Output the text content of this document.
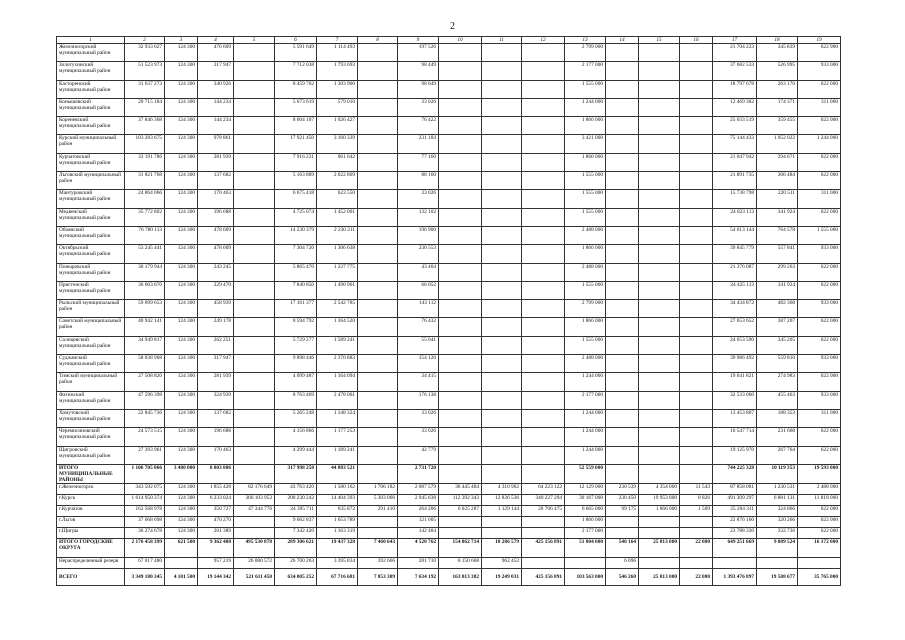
2
1	2	3	4	5	6	7	8	9	10	11	12	13	14	15	16	17	18	19
Железногорский муниципальный район	32 933 627	124 300	476 609		5 591 649	1 114 493		197 526				2 799 000				21 704 223	345 839	622 900
Золотухинский муниципальный район	51 523 973	124 300	317 947		7 712 038	1 793 693		98 449				2 177 000				37 682 533	526 995	933 000
Касторенский муниципальный район	31 637 273	124 300	340 926		8 459 702	1 303 900		98 649				1 555 000				18 797 678	263 170	622 000
Конышевский муниципальный район	20 715 184	124 300	144 234		5 673 619	579 010		33 026				1 244 000				12 469 382	174 371	311 000
Кореневский муниципальный район	37 846 368	124 300	144 234		8 604 107	1 026 427		76 422				1 866 000				25 033 519	359 455	622 000
Курский муниципальный район	103 283 675	124 300	978 861		17 921 450	3 160 339		231 184				3 421 000				75 144 433	1 052 022	1 244 000
Курчатовский муниципальный район	33 191 786	124 300	281 939		7 916 231	961 642		77 160				1 866 000				21 047 942	294 671	622 000
Льговский муниципальный район	31 821 768	124 300	137 682		5 163 889	2 022 809		88 160				1 555 000				21 891 735	306 484	622 000
Мантуровский муниципальный район	24 864 066	124 300	170 463		6 675 418	623 550		33 026				1 555 000				15 738 798	220 511	311 000
Медвенский муниципальный район	35 772 802	124 300	196 688		4 725 074	1 452 001		132 102				1 555 000				24 823 113	341 924	622 000
Обоянский муниципальный район	76 780 113	124 300	478 609		14 230 379	2 230 211		196 900				2 488 000				54 613 144	764 578	1 555 000
Октябрьский муниципальный район	53 245 441	124 300	478 609		7 304 720	1 306 638		230 553				1 866 000				39 845 779	557 841	933 000
Поныровский муниципальный район	30 179 944	124 300	243 245		5 865 470	1 237 775		43 404				2 488 000				21 376 087	299 263	622 000
Пристенский муниципальный район	36 603 670	124 300	229 470		7 840 850	1 490 961		66 052				1 555 000				24 425 113	341 924	622 000
Рыльский муниципальный район	59 099 653	124 300	458 939		17 161 377	2 542 785		143 112				2 799 000				34 434 872	482 368	933 000
Советский муниципальный район	40 942 141	124 300	249 178		8 594 792	1 364 520		76 432				1 866 000				27 653 652	387 207	622 000
Солнцевский муниципальный район	34 949 817	124 300	262 251		5 729 277	1 589 241		55 041				1 555 000				24 653 590	345 205	622 000
Суджанский муниципальный район	58 038 908	124 300	317 947		9 898 446	2 376 883		154 120				2 488 000				39 986 492	559 810	933 000
Тимский муниципальный район	27 508 820	124 300	281 939		4 099 487	1 164 094		34 415				1 244 000				19 641 821	274 983	622 000
Фатежский муниципальный район	47 596 398	124 300	324 939		8 763 469	2 478 061		176 138				2 177 000				32 533 060	455 463	933 000
Хомутовский муниципальный район	22 845 736	124 300	137 682		5 265 248	1 348 324		33 026				1 244 000				13 453 807	188 353	311 000
Черемисиновский муниципальный район	24 573 515	124 300	196 688		4 156 866	1 177 253		33 026				1 244 000				16 547 714	231 668	622 000
Щигровский муниципальный район	27 393 961	124 300	170 463		4 299 444	1 189 241		42 779				1 244 000				19 125 970	267 764	622 000
ИТОГО МУНИЦИПАЛЬНЫЕ РАЙОНЫ	1 106 705 066	3 480 000	8 803 886		317 998 258	44 883 521		2 731 720				52 559 000				744 225 328	10 119 353	19 593 000
г.Железногорск	343 592 075	124 300	1 855 428	82 176 649	43 763 420	1 580 162	1 706 182	2 087 579	36 445 484	4 310 962	64 223 122	12 129 000	230 539	4 354 000	11 543	87 858 081	1 230 531	2 488 000
г.Курск	1 614 950 374	124 300	6 233 024	366 103 953	208 230 242	14 404 393	5 303 066	2 945 638	112 392 343	12 836 536	340 227 294	30 167 000	230 450	19 953 000	8 826	491 309 297	6 881 131	11 818 000
г.Курчатов	162 568 978	124 300	350 727	47 344 776	24 395 711	635 872	291 410	264 206	6 025 287	1 129 144	20 706 475	6 665 000	99 175	1 866 000	1 509	25 204 311	324 866	622 000
г.Льгов	37 068 698	124 300	470 270		9 682 837	1 653 789		121 005				1 866 000				22 876 160	320 266	622 000
г.Щигры	36 274 678	124 300	201 389		7 342 420	1 163 319		142 484				2 177 000				23 788 330	332 736	622 000
ИТОГО ГОРОДСКИЕ ОКРУГА	2 176 458 399	621 500	9 362 408	495 530 878	289 306 621	19 437 328	7 460 643	4 520 762	154 862 714	18 286 579	425 156 891	51 804 000	540 164	25 813 000	22 080	649 251 669	9 089 524	16 172 000
Нераспределенный резерв	67 017 480		957 219	26 080 572	26 700 263	3 395 834	392 666	281 710	8 150 668	962 452			6 096					
ВСЕГО	3 349 180 345	4 101 500	19 144 342	521 611 450	634 005 252	67 716 681	7 853 309	7 634 192	163 013 382	19 249 031	425 156 891	103 563 000	546 260	25 813 000	22 080	1 393 476 897	19 508 677	35 765 000
